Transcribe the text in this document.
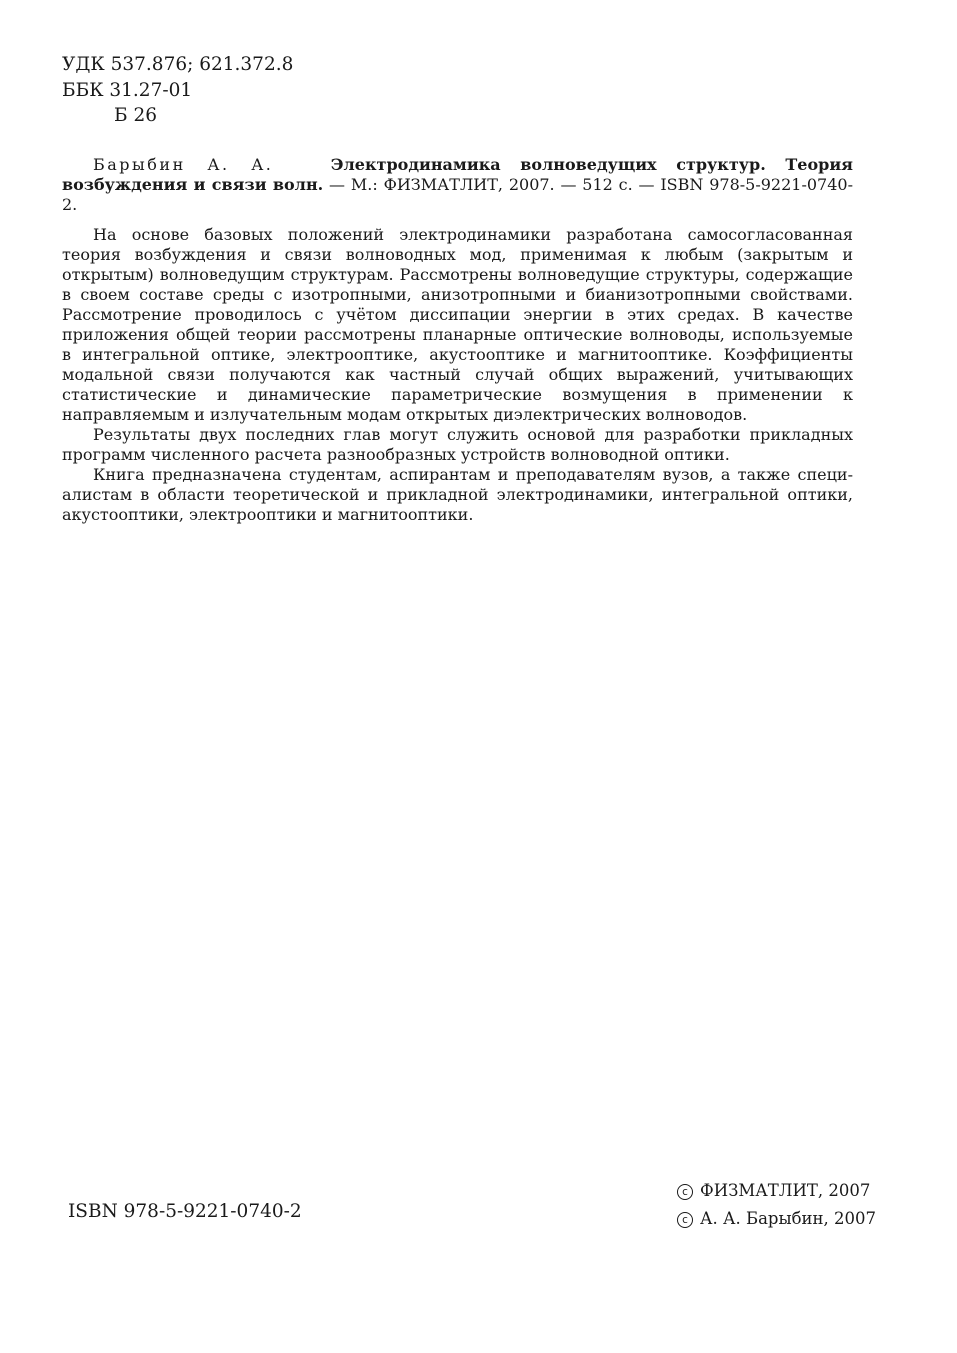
УДК 537.876; 621.372.8
ББК 31.27-01
Б 26

Барыбин А. А.	Электродинамика волноведущих структур. Теория возбуждения и связи волн. — М.: ФИЗМАТЛИТ, 2007. — 512 с. — ISBN 978-5-9221-0740-2.

На основе базовых положений электродинамики разработана самосогласованная теория возбуждения и связи волноводных мод, применимая к любым (закрытым и открытым) волноведущим структурам. Рассмотрены волноведущие структуры, содержащие в своем составе среды с изотропными, анизотропными и бианизотропными свойствами. Рассмотрение проводилось с учётом диссипации энергии в этих средах. В качестве приложения общей теории рассмотрены планарные оптические волноводы, используемые в интегральной оптике, электрооптике, акустооптике и магнитооптике. Коэффициенты модальной связи получаются как частный случай общих выражений, учитывающих статистические и динамические параметрические возмущения в применении к направляемым и излучательным модам открытых диэлектрических волноводов.

Результаты двух последних глав могут служить основой для разработки прикладных программ численного расчета разнообразных устройств волноводной оптики.

Книга предназначена студентам, аспирантам и преподавателям вузов, а также специалистам в области теоретической и прикладной электродинамики, интегральной оптики, акустооптики, электрооптики и магнитооптики.

ISBN 978-5-9221-0740-2
c ФИЗМАТЛИТ, 2007
c А. А. Барыбин, 2007
